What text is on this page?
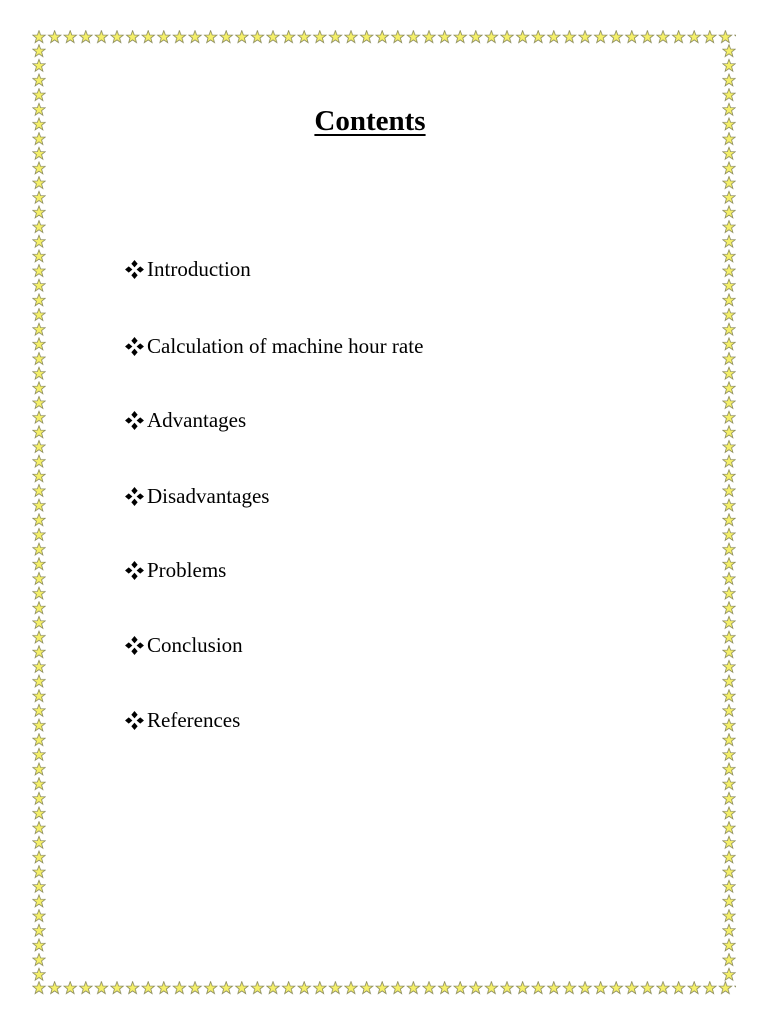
Contents
Introduction
Calculation of machine hour rate
Advantages
Disadvantages
Problems
Conclusion
References
